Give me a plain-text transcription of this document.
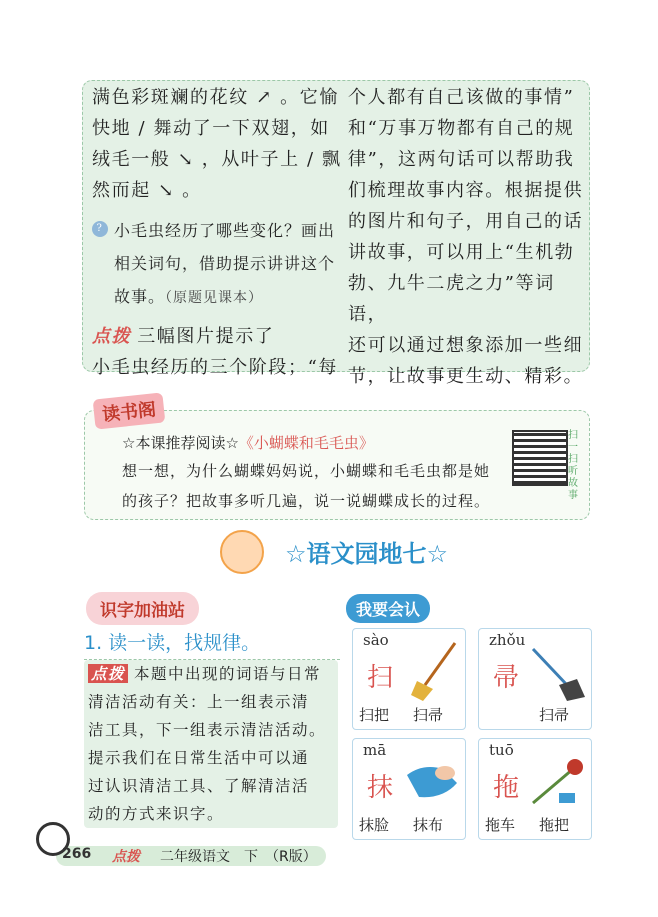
满色彩斑斓的花纹 ↗ 。它愉
快地 / 舞动了一下双翅，如
绒毛一般 ↘ ，从叶子上 / 飘
然而起 ↘ 。
? 小毛虫经历了哪些变化？画出
相关词句，借助提示讲讲这个
故事。（原题见课本）
点拨 三幅图片提示了
小毛虫经历的三个阶段；“每
个人都有自己该做的事情”
和“万事万物都有自己的规
律”，这两句话可以帮助我
们梳理故事内容。根据提供
的图片和句子，用自己的话
讲故事，可以用上“生机勃
勃、九牛二虎之力”等词语，
还可以通过想象添加一些细
节，让故事更生动、精彩。
读书阁
☆本课推荐阅读☆《小蝴蝶和毛毛虫》
想一想，为什么蝴蝶妈妈说，小蝴蝶和毛毛虫都是她
的孩子？把故事多听几遍，说一说蝴蝶成长的过程。
扫一扫听故事
☆语文园地七☆
识字加油站
1. 读一读，找规律。
点拨 本题中出现的词语与日常
清洁活动有关：上一组表示清
洁工具，下一组表示清洁活动。
提示我们在日常生活中可以通
过认识清洁工具、了解清洁活
动的方式来识字。
我要会认
sào
扫
扫把 扫帚
zhǒu
帚
扫帚
mā
抹
抹脸 抹布
tuō
拖
拖车 拖把
266 点拨 二年级语文　下　（R版）
